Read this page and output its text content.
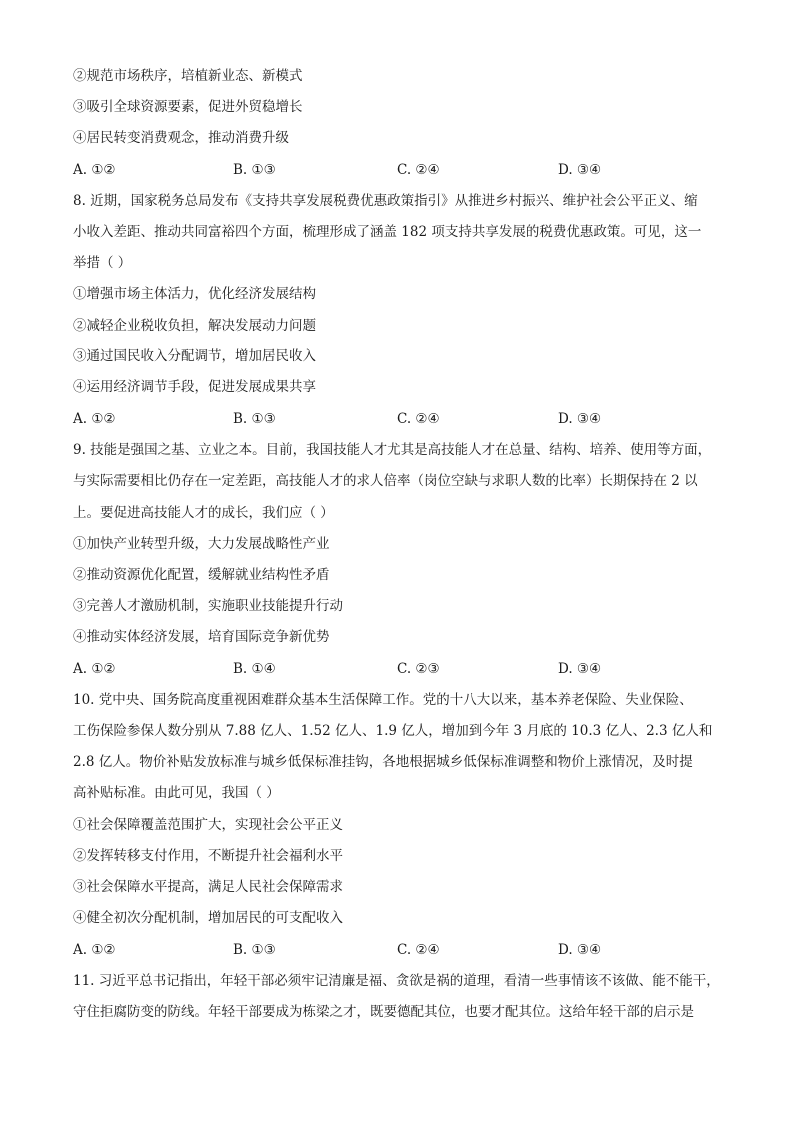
②规范市场秩序，培植新业态、新模式
③吸引全球资源要素，促进外贸稳增长
④居民转变消费观念，推动消费升级
A. ①②	B. ①③	C. ②④	D. ③④
8. 近期，国家税务总局发布《支持共享发展税费优惠政策指引》从推进乡村振兴、维护社会公平正义、缩
小收入差距、推动共同富裕四个方面，梳理形成了涵盖 182 项支持共享发展的税费优惠政策。可见，这一
举措（ ）
①增强市场主体活力，优化经济发展结构
②减轻企业税收负担，解决发展动力问题
③通过国民收入分配调节，增加居民收入
④运用经济调节手段，促进发展成果共享
A. ①②	B. ①③	C. ②④	D. ③④
9. 技能是强国之基、立业之本。目前，我国技能人才尤其是高技能人才在总量、结构、培养、使用等方面，
与实际需要相比仍存在一定差距，高技能人才的求人倍率（岗位空缺与求职人数的比率）长期保持在 2 以
上。要促进高技能人才的成长，我们应（ ）
①加快产业转型升级，大力发展战略性产业
②推动资源优化配置，缓解就业结构性矛盾
③完善人才激励机制，实施职业技能提升行动
④推动实体经济发展，培育国际竞争新优势
A. ①②	B. ①④	C. ②③	D. ③④
10. 党中央、国务院高度重视困难群众基本生活保障工作。党的十八大以来，基本养老保险、失业保险、
工伤保险参保人数分别从 7.88 亿人、1.52 亿人、1.9 亿人，增加到今年 3 月底的 10.3 亿人、2.3 亿人和
2.8 亿人。物价补贴发放标准与城乡低保标准挂钩，各地根据城乡低保标准调整和物价上涨情况，及时提
高补贴标准。由此可见，我国（ ）
①社会保障覆盖范围扩大，实现社会公平正义
②发挥转移支付作用，不断提升社会福利水平
③社会保障水平提高，满足人民社会保障需求
④健全初次分配机制，增加居民的可支配收入
A. ①②	B. ①③	C. ②④	D. ③④
11. 习近平总书记指出，年轻干部必须牢记清廉是福、贪欲是祸的道理，看清一些事情该不该做、能不能干，
守住拒腐防变的防线。年轻干部要成为栋梁之才，既要德配其位，也要才配其位。这给年轻干部的启示是
